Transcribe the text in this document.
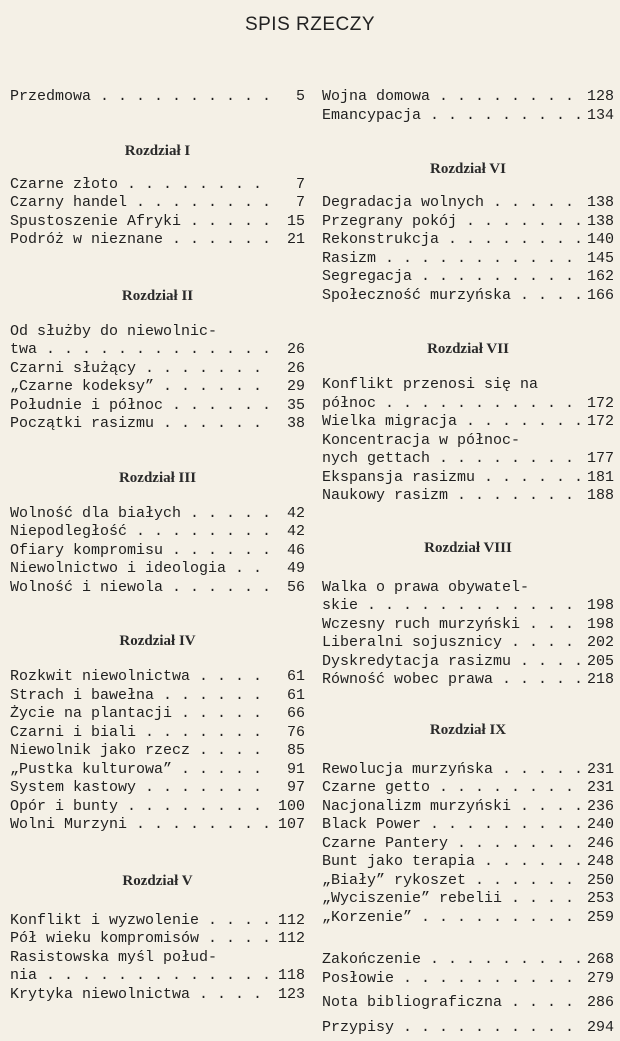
SPIS RZECZY
Przedmowa . . .	5
Rozdział I
Czarne złoto . . .	7
Czarny handel . . .	7
Spustoszenie Afryki . . .	15
Podróż w nieznane . . .	21
Rozdział II
Od służby do niewolnic-
twa . . .	26
Czarni służący . . .	26
„Czarne kodeksy” . . .	29
Południe i północ . . .	35
Początki rasizmu . . .	38
Rozdział III
Wolność dla białych . . .	42
Niepodległość . . .	42
Ofiary kompromisu . . .	46
Niewolnictwo i ideologia . . .	49
Wolność i niewola . . .	56
Rozdział IV
Rozkwit niewolnictwa . . .	61
Strach i bawełna . . .	61
Życie na plantacji . . .	66
Czarni i biali . . .	76
Niewolnik jako rzecz . . .	85
„Pustka kulturowa” . . .	91
System kastowy . . .	97
Opór i bunty . . .	100
Wolni Murzyni . . .	107
Rozdział V
Konflikt i wyzwolenie . . .	112
Pół wieku kompromisów . . .	112
Rasistowska myśl połud-
nia . . .	118
Krytyka niewolnictwa . . .	123
Wojna domowa . . .	128
Emancypacja . . .	134
Rozdział VI
Degradacja wolnych . . .	138
Przegrany pokój . . .	138
Rekonstrukcja . . .	140
Rasizm . . .	145
Segregacja . . .	162
Społeczność murzyńska . . .	166
Rozdział VII
Konflikt przenosi się na
północ . . .	172
Wielka migracja . . .	172
Koncentracja w północ-
nych gettach . . .	177
Ekspansja rasizmu . . .	181
Naukowy rasizm . . .	188
Rozdział VIII
Walka o prawa obywatel-
skie . . .	198
Wczesny ruch murzyński . . .	198
Liberalni sojusznicy . . .	202
Dyskredytacja rasizmu . . .	205
Równość wobec prawa . . .	218
Rozdział IX
Rewolucja murzyńska . . .	231
Czarne getto . . .	231
Nacjonalizm murzyński . . .	236
Black Power . . .	240
Czarne Pantery . . .	246
Bunt jako terapia . . .	248
„Biały” rykoszet . . .	250
„Wyciszenie” rebelii . . .	253
„Korzenie” . . .	259
Zakończenie . . .	268
Posłowie . . .	279
Nota bibliograficzna . . .	286
Przypisy . . .	294
